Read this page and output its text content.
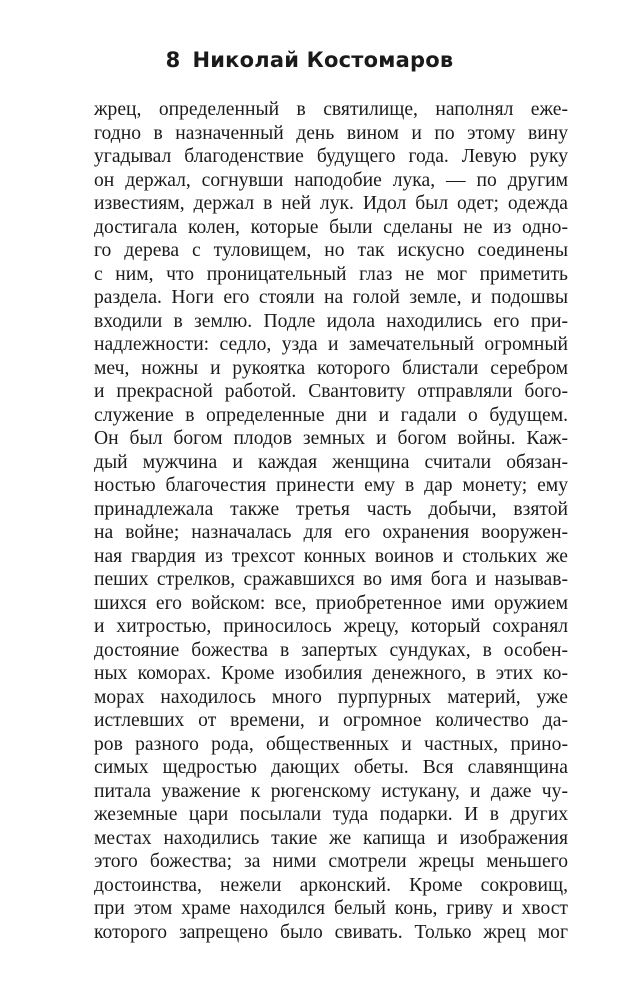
8 Николай Костомаров
жрец, определенный в святилище, наполнял еже-
годно в назначенный день вином и по этому вину
угадывал благоденствие будущего года. Левую руку
он держал, согнувши наподобие лука, — по другим
известиям, держал в ней лук. Идол был одет; одежда
достигала колен, которые были сделаны не из одно-
го дерева с туловищем, но так искусно соединены
с ним, что проницательный глаз не мог приметить
раздела. Ноги его стояли на голой земле, и подошвы
входили в землю. Подле идола находились его при-
надлежности: седло, узда и замечательный огромный
меч, ножны и рукоятка которого блистали серебром
и прекрасной работой. Свантовиту отправляли бого-
служение в определенные дни и гадали о будущем.
Он был богом плодов земных и богом войны. Каж-
дый мужчина и каждая женщина считали обязан-
ностью благочестия принести ему в дар монету; ему
принадлежала также третья часть добычи, взятой
на войне; назначалась для его охранения вооружен-
ная гвардия из трехсот конных воинов и стольких же
пеших стрелков, сражавшихся во имя бога и называв-
шихся его войском: все, приобретенное ими оружием
и хитростью, приносилось жрецу, который сохранял
достояние божества в запертых сундуках, в особен-
ных коморах. Кроме изобилия денежного, в этих ко-
морах находилось много пурпурных материй, уже
истлевших от времени, и огромное количество да-
ров разного рода, общественных и частных, прино-
симых щедростью дающих обеты. Вся славянщина
питала уважение к рюгенскому истукану, и даже чу-
жеземные цари посылали туда подарки. И в других
местах находились такие же капища и изображения
этого божества; за ними смотрели жрецы меньшего
достоинства, нежели арконский. Кроме сокровищ,
при этом храме находился белый конь, гриву и хвост
которого запрещено было свивать. Только жрец мог
